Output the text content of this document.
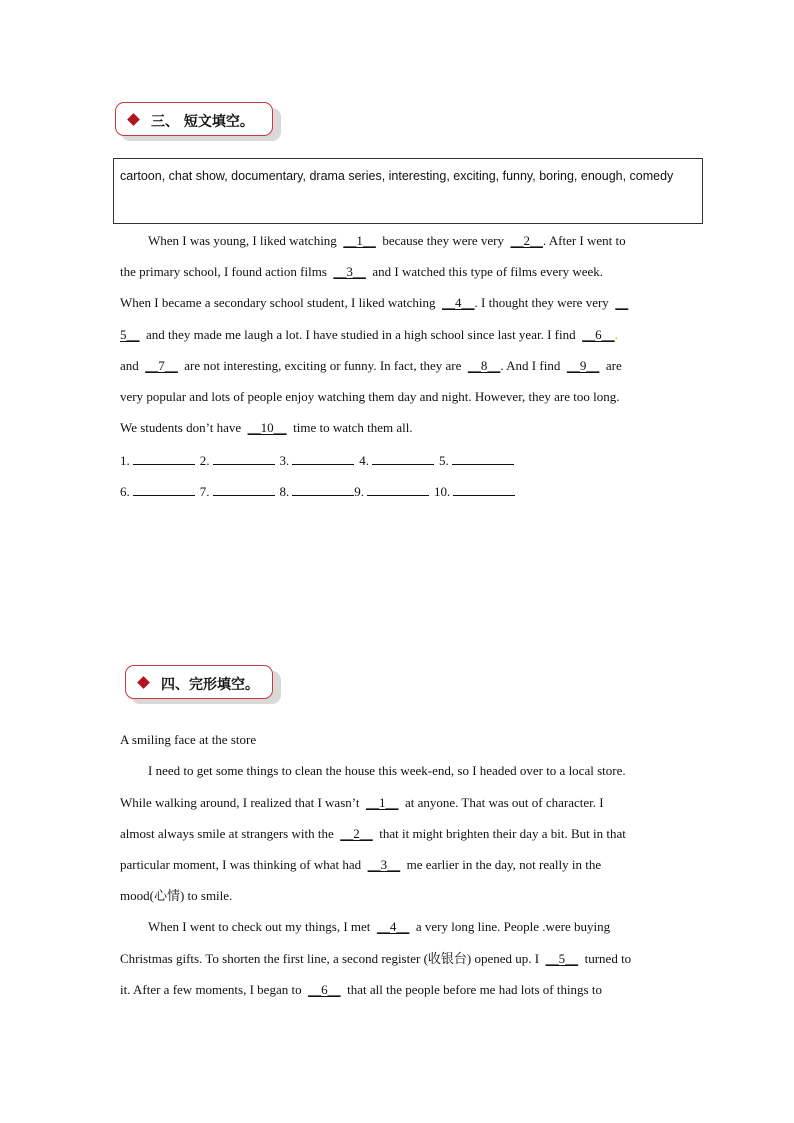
三、 短文填空。
cartoon, chat show, documentary, drama series, interesting, exciting, funny, boring, enough, comedy
When I was young, I liked watching __1__ because they were very __2__. After I went to
the primary school, I found action films __3__ and I watched this type of films every week.
When I became a secondary school student, I liked watching __4__. I thought they were very __
5__ and they made me laugh a lot. I have studied in a high school since last year. I find __6__.
and __7__ are not interesting, exciting or funny. In fact, they are __8__. And I find __9__ are
very popular and lots of people enjoy watching them day and night. However, they are too long.
We students don’t have __10__ time to watch them all.
1.	2.	3.	4.	5.
6.	7.	8.	9.	10.
四、完形填空。
A smiling face at the store
I need to get some things to clean the house this week-end, so I headed over to a local store.
While walking around, I realized that I wasn’t __1__ at anyone. That was out of character. I
almost always smile at strangers with the __2__ that it might brighten their day a bit. But in that
particular moment, I was thinking of what had __3__ me earlier in the day, not really in the
mood(心情) to smile.
When I went to check out my things, I met __4__ a very long line. People .were buying
Christmas gifts. To shorten the first line, a second register (收银台) opened up. I __5__ turned to
it. After a few moments, I began to __6__ that all the people before me had lots of things to
